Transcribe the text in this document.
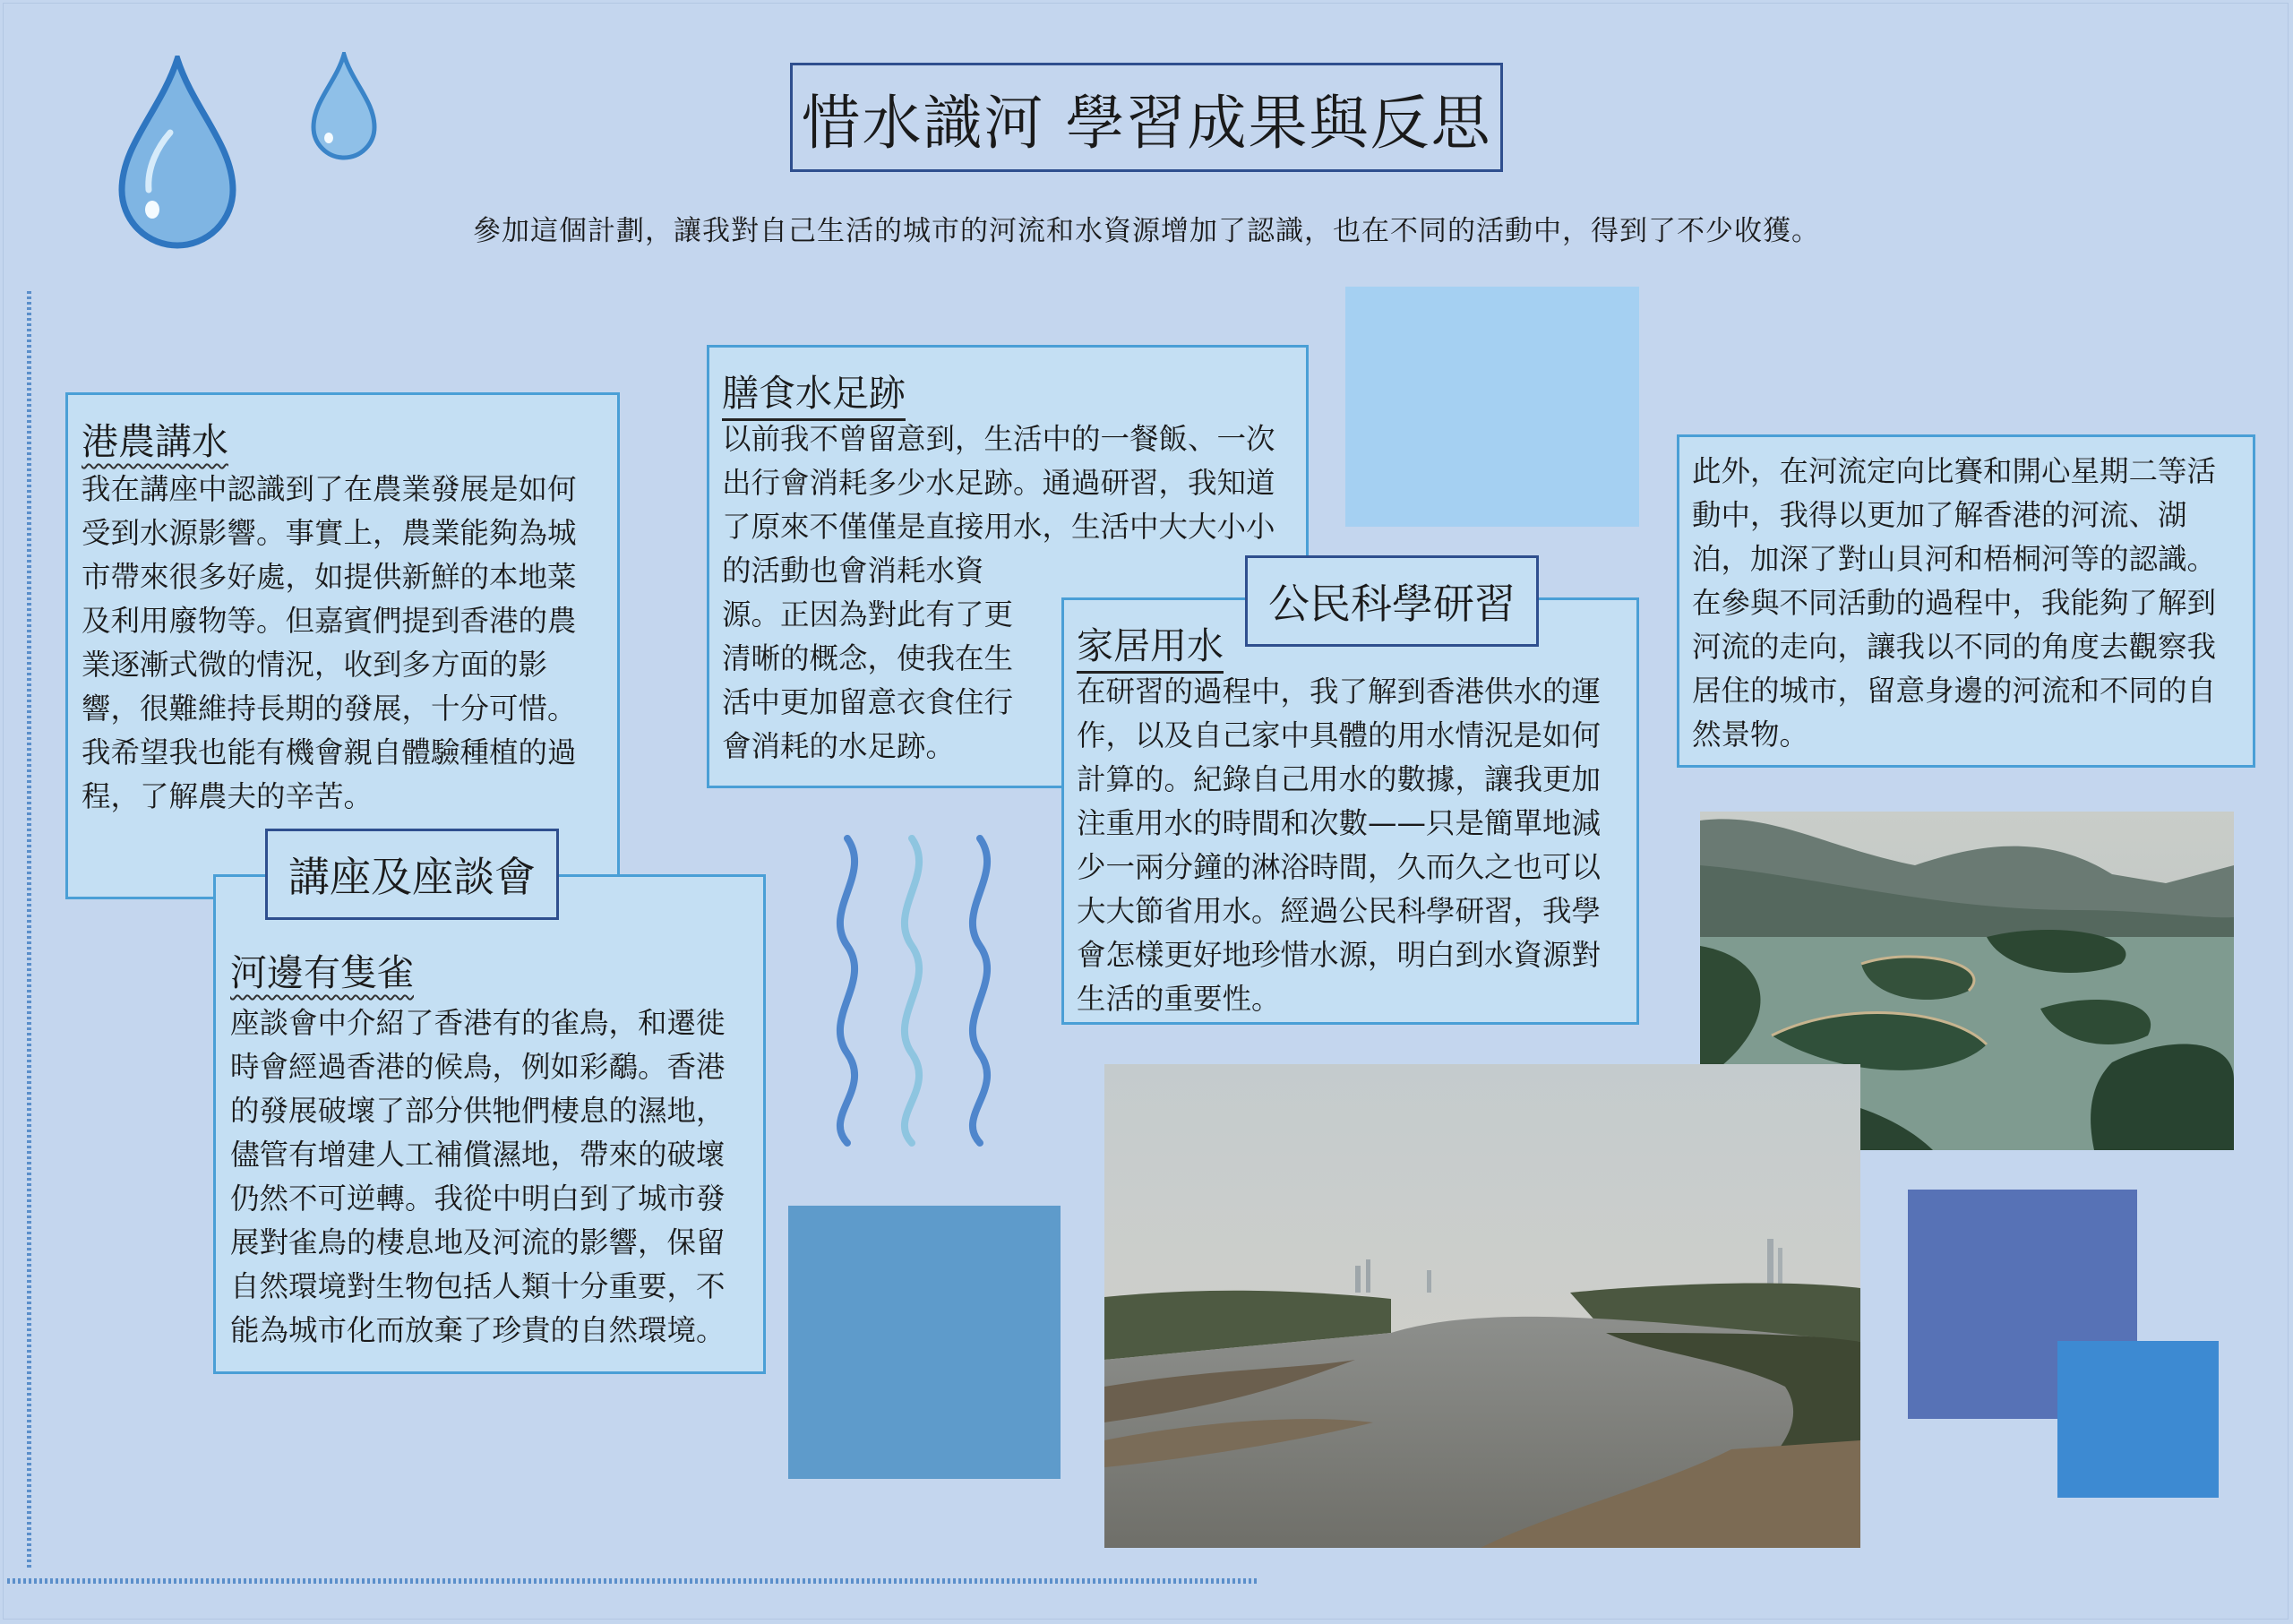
惜水識河 學習成果與反思
參加這個計劃，讓我對自己生活的城市的河流和水資源增加了認識，也在不同的活動中，得到了不少收獲。
港農講水
我在講座中認識到了在農業發展是如何
受到水源影響。事實上，農業能夠為城
市帶來很多好處，如提供新鮮的本地菜
及利用廢物等。但嘉賓們提到香港的農
業逐漸式微的情況，收到多方面的影
響，很難維持長期的發展，十分可惜。
我希望我也能有機會親自體驗種植的過
程，了解農夫的辛苦。
河邊有隻雀
座談會中介紹了香港有的雀鳥，和遷徙
時會經過香港的候鳥，例如彩鷸。香港
的發展破壞了部分供牠們棲息的濕地，
儘管有增建人工補償濕地，帶來的破壞
仍然不可逆轉。我從中明白到了城市發
展對雀鳥的棲息地及河流的影響，保留
自然環境對生物包括人類十分重要，不
能為城市化而放棄了珍貴的自然環境。
講座及座談會
膳食水足跡
以前我不曾留意到，生活中的一餐飯、一次
出行會消耗多少水足跡。通過研習，我知道
了原來不僅僅是直接用水，生活中大大小小
的活動也會消耗水資
源。正因為對此有了更
清晰的概念，使我在生
活中更加留意衣食住行
會消耗的水足跡。
家居用水
在研習的過程中，我了解到香港供水的運
作，以及自己家中具體的用水情況是如何
計算的。紀錄自己用水的數據，讓我更加
注重用水的時間和次數——只是簡單地減
少一兩分鐘的淋浴時間，久而久之也可以
大大節省用水。經過公民科學研習，我學
會怎樣更好地珍惜水源，明白到水資源對
生活的重要性。
公民科學研習
此外，在河流定向比賽和開心星期二等活
動中，我得以更加了解香港的河流、湖
泊，加深了對山貝河和梧桐河等的認識。
在參與不同活動的過程中，我能夠了解到
河流的走向，讓我以不同的角度去觀察我
居住的城市，留意身邊的河流和不同的自
然景物。
